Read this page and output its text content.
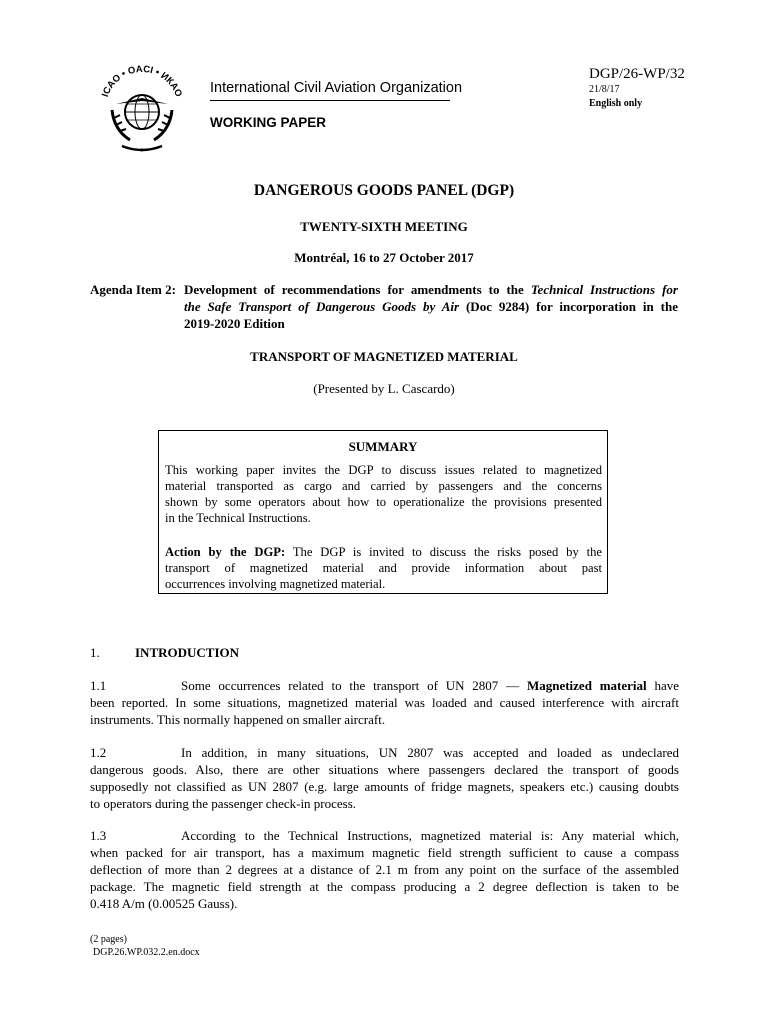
ICAO • OACI • ИКАО International Civil Aviation Organization
WORKING PAPER
DGP/26-WP/32
21/8/17
English only
DANGEROUS GOODS PANEL (DGP)
TWENTY-SIXTH MEETING
Montréal, 16 to 27 October 2017
Agenda Item 2: Development of recommendations for amendments to the Technical Instructions for
the Safe Transport of Dangerous Goods by Air (Doc 9284) for incorporation in the
2019-2020 Edition
TRANSPORT OF MAGNETIZED MATERIAL
(Presented by L. Cascardo)
SUMMARY
This working paper invites the DGP to discuss issues related to magnetized
material transported as cargo and carried by passengers and the concerns
shown by some operators about how to operationalize the provisions presented
in the Technical Instructions.
Action by the DGP: The DGP is invited to discuss the risks posed by the
transport of magnetized material and provide information about past
occurrences involving magnetized material.
1.	INTRODUCTION
1.1	Some occurrences related to the transport of UN 2807 — Magnetized material have
been reported. In some situations, magnetized material was loaded and caused interference with aircraft
instruments. This normally happened on smaller aircraft.
1.2	In addition, in many situations, UN 2807 was accepted and loaded as undeclared
dangerous goods. Also, there are other situations where passengers declared the transport of goods
supposedly not classified as UN 2807 (e.g. large amounts of fridge magnets, speakers etc.) causing doubts
to operators during the passenger check-in process.
1.3	According to the Technical Instructions, magnetized material is: Any material which,
when packed for air transport, has a maximum magnetic field strength sufficient to cause a compass
deflection of more than 2 degrees at a distance of 2.1 m from any point on the surface of the assembled
package. The magnetic field strength at the compass producing a 2 degree deflection is taken to be
0.418 A/m (0.00525 Gauss).
(2 pages)
DGP.26.WP.032.2.en.docx
